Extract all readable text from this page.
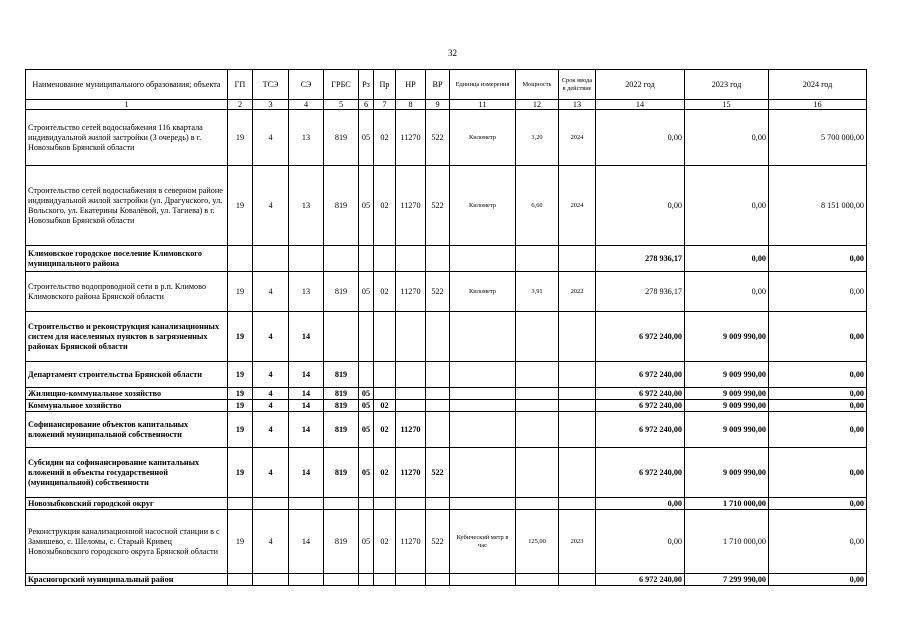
32
Наименование муниципального образования; объекта	ГП	ТСЭ	СЭ	ГРБС	Рз	Пр	НР	ВР	Единица измерения	Мощность	Срок ввода в действие	2022 год	2023 год	2024 год
1	2	3	4	5	6	7	8	9	11	12	13	14	15	16
Строительство сетей водоснабжения 116 квартала индивидуальной жилой застройки (3 очередь) в г. Новозыбков Брянской области	19	4	13	819	05	02	11270	522	Километр	3,20	2024	0,00	0,00	5 700 000,00
Строительство сетей водоснабжения в северном районе индивидуальной жилой застройки (ул. Драгунского, ул. Вольского, ул. Екатерины Ковалёвой, ул. Тагиева) в г. Новозыбков Брянской области	19	4	13	819	05	02	11270	522	Километр	6,60	2024	0,00	0,00	8 151 000,00
Климовское городское поселение Климовского муниципального района												278 936,17	0,00	0,00
Строительство водопроводной сети в р.п. Климово Климовского района Брянской области	19	4	13	819	05	02	11270	522	Километр	3,91	2022	278 936,17	0,00	0,00
Строительство и реконструкция канализационных систем для населенных пунктов в загрязненных районах Брянской области	19	4	14									6 972 240,00	9 009 990,00	0,00
Департамент строительства Брянской области	19	4	14	819								6 972 240,00	9 009 990,00	0,00
Жилищно-коммунальное хозяйство	19	4	14	819	05							6 972 240,00	9 009 990,00	0,00
Коммунальное хозяйство	19	4	14	819	05	02						6 972 240,00	9 009 990,00	0,00
Софинансирование объектов капитальных вложений муниципальной собственности	19	4	14	819	05	02	11270					6 972 240,00	9 009 990,00	0,00
Субсидии на софинансирование капитальных вложений в объекты государственной (муниципальной) собственности	19	4	14	819	05	02	11270	522				6 972 240,00	9 009 990,00	0,00
Новозыбковский городской округ												0,00	1 710 000,00	0,00
Реконструкция канализационной насосной станции в с Замишево, с. Шеломы, с. Старый Кривец Новозыбковского городского округа Брянской области	19	4	14	819	05	02	11270	522	Кубический метр в час	125,00	2023	0,00	1 710 000,00	0,00
Красногорский муниципальный район												6 972 240,00	7 299 990,00	0,00
